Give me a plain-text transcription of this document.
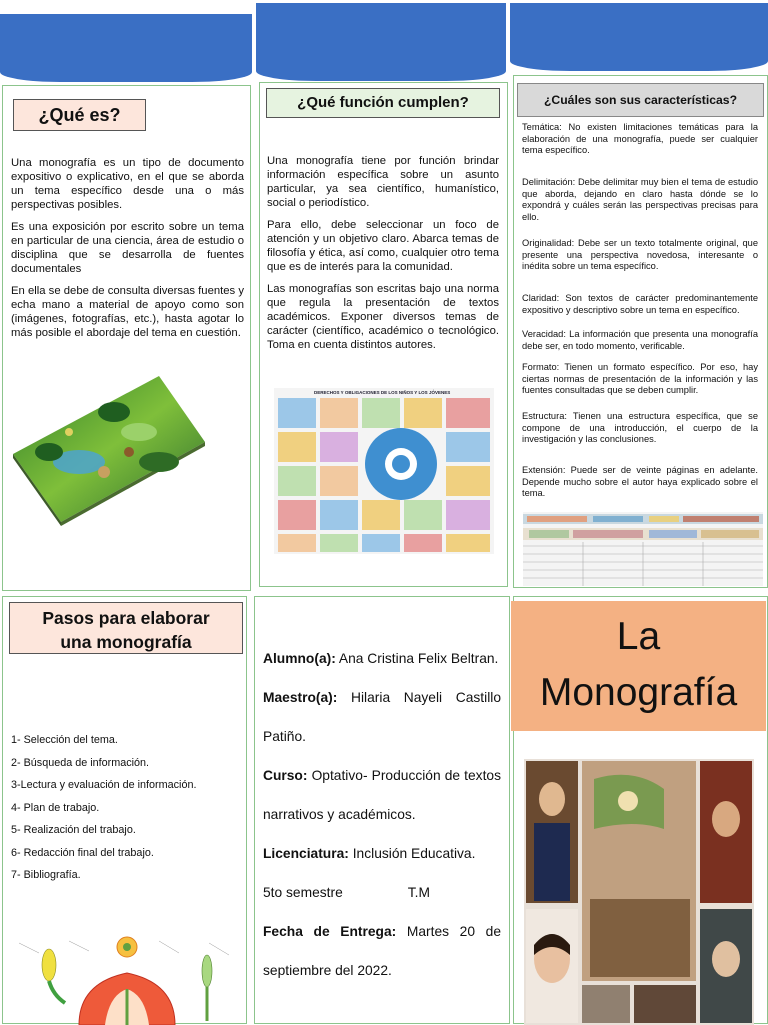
¿Qué es?

Una monografía es un tipo de documento expositivo o explicativo, en el que se aborda un tema específico desde una o más perspectivas posibles.

Es una exposición por escrito sobre un tema en particular de una ciencia, área de estudio o disciplina que se desarrolla de fuentes documentales

En ella se debe de consulta diversas fuentes y echa mano a material de apoyo como son (imágenes, fotografías, etc.), hasta agotar lo más posible el abordaje del tema en cuestión.

¿Qué función cumplen?

Una monografía tiene por función brindar información específica sobre un asunto particular, ya sea científico, humanístico, social o periodístico.

Para ello, debe seleccionar un foco de atención y un objetivo claro. Abarca temas de filosofía y ética, así como, cualquier otro tema que es de interés para la comunidad.

Las monografías son escritas bajo una norma que regula la presentación de textos académicos. Exponer diversos temas de carácter (científico, académico o tecnológico. Toma en cuenta distintos autores.

DERECHOS Y OBLIGACIONES DE LOS NIÑOS Y LOS JÓVENES
¿Cuáles son sus características?

Temática: No existen limitaciones temáticas para la elaboración de una monografía, puede ser cualquier tema específico.

Delimitación: Debe delimitar muy bien el tema de estudio que aborda, dejando en claro hasta dónde se lo expondrá y cuáles serán las perspectivas precisas para ello.

Originalidad: Debe ser un texto totalmente original, que presente una perspectiva novedosa, interesante o inédita sobre un tema específico.

Claridad: Son textos de carácter predominantemente expositivo y descriptivo sobre un tema en específico.

Veracidad: La información que presenta una monografía debe ser, en todo momento, verificable.

Formato: Tienen un formato específico. Por eso, hay ciertas normas de presentación de la información y las fuentes consultadas que se deben cumplir.

Estructura: Tienen una estructura específica, que se compone de una introducción, el cuerpo de la investigación y las conclusiones.

Extensión: Puede ser de veinte páginas en adelante. Depende mucho sobre el autor haya explicado sobre el tema.

Pasos para elaborar
una monografía
1- Selección del tema.
2- Búsqueda de información.
3-Lectura y evaluación de información.
4- Plan de trabajo.
5- Realización del trabajo.
6- Redacción final del trabajo.
7- Bibliografía.

Alumno(a): Ana Cristina Felix Beltran.

Maestro(a): Hilaria Nayeli Castillo Patiño.

Curso: Optativo- Producción de textos narrativos y académicos.

Licenciatura: Inclusión Educativa.

5to semestre	T.M

Fecha de Entrega: Martes 20 de septiembre del 2022.

La
Monografía
